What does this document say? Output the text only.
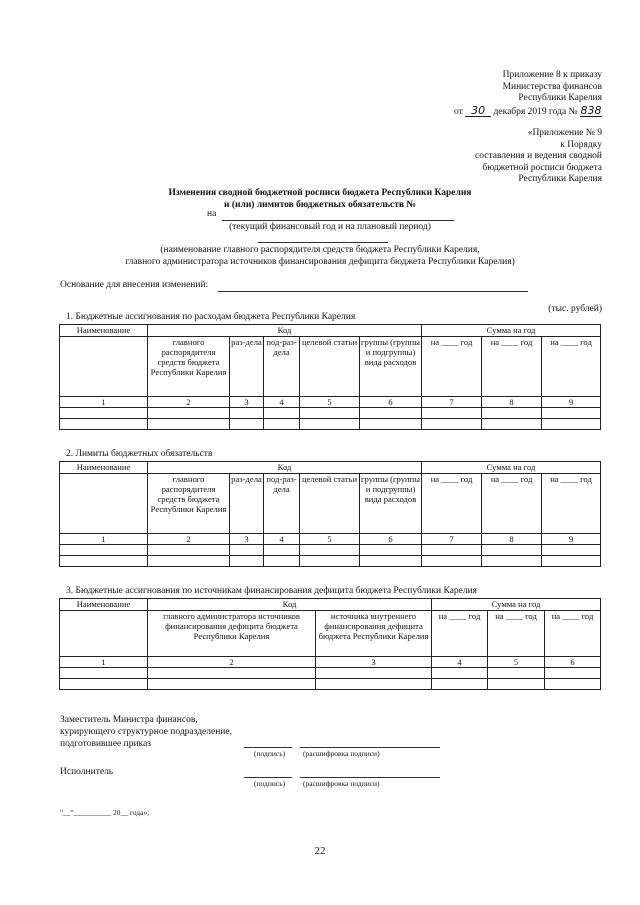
Приложение 8 к приказу
Министерства финансов
Республики Карелия
от 30 декабря 2019 года № 838
«Приложение № 9
к Порядку
составления и ведения сводной
бюджетной росписи бюджета
Республики Карелия
Изменения сводной бюджетной росписи бюджета Республики Карелия
и (или) лимитов бюджетных обязательств №
на
(текущий финансовый год и на плановый период)
(наименование главного распорядителя средств бюджета Республики Карелия,
главного администратора источников финансирования дефицита бюджета Республики Карелия)
Основание для внесения изменений:
(тыс. рублей)
1. Бюджетные ассигнования по расходам бюджета Республики Карелия
Наименование	Код					Сумма на год		
	главного распорядителя средств бюджета Республики Карелия	раз-дела	под-раз-дела	целевой статьи	группы (группы и подгруппы) вида расходов	на ____ год	на ____ год	на ____ год
1	2	3	4	5	6	7	8	9

2. Лимиты бюджетных обязательств
Наименование	Код					Сумма на год		
	главного распорядителя средств бюджета Республики Карелия	раз-дела	под-раз-дела	целевой статьи	группы (группы и подгруппы) вида расходов	на ____ год	на ____ год	на ____ год
1	2	3	4	5	6	7	8	9

3. Бюджетные ассигнования по источникам финансирования дефицита бюджета Республики Карелия
Наименование	Код		Сумма на год		
	главного администратора источников финансирования дефицита бюджета Республики Карелия	источника внутреннего финансирования дефицита бюджета Республики Карелия	на ____ год	на ____ год	на ____ год
1	2	3	4	5	6

Заместитель Министра финансов,
курирующего структурное подразделение,
подготовившее приказ
(подпись) (расшифровка подписи)
Исполнитель
(подпись) (расшифровка подписи)
"__"__________ 20__ года»;
22
